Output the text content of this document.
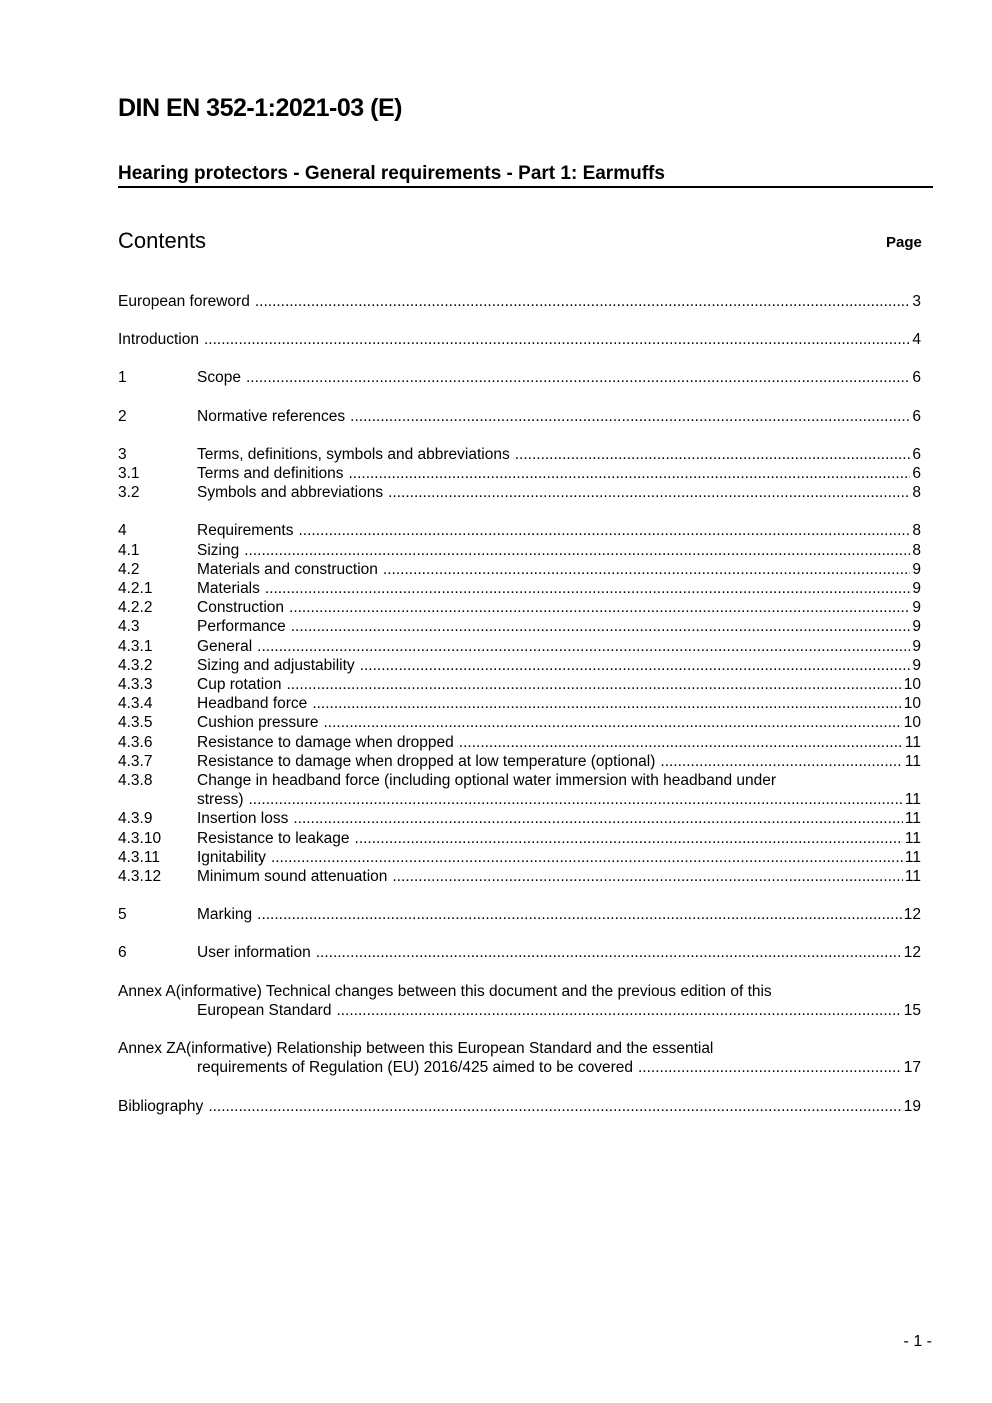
DIN EN 352-1:2021-03 (E)
Hearing protectors - General requirements - Part 1: Earmuffs
Contents	Page
European foreword .....	3
Introduction .....	4
1	Scope .....	6
2	Normative references .....	6
3	Terms, definitions, symbols and abbreviations .....	6
3.1	Terms and definitions .....	6
3.2	Symbols and abbreviations .....	8
4	Requirements .....	8
4.1	Sizing .....	8
4.2	Materials and construction .....	9
4.2.1	Materials .....	9
4.2.2	Construction .....	9
4.3	Performance .....	9
4.3.1	General .....	9
4.3.2	Sizing and adjustability .....	9
4.3.3	Cup rotation .....	10
4.3.4	Headband force .....	10
4.3.5	Cushion pressure .....	10
4.3.6	Resistance to damage when dropped .....	11
4.3.7	Resistance to damage when dropped at low temperature (optional) .....	11
4.3.8	Change in headband force (including optional water immersion with headband under
stress) .....	11
4.3.9	Insertion loss .....	11
4.3.10	Resistance to leakage .....	11
4.3.11	Ignitability .....	11
4.3.12	Minimum sound attenuation .....	11
5	Marking .....	12
6	User information .....	12
Annex A(informative) Technical changes between this document and the previous edition of this
European Standard .....	15
Annex ZA(informative) Relationship between this European Standard and the essential
requirements of Regulation (EU) 2016/425 aimed to be covered .....	17
Bibliography .....	19
- 1 -
